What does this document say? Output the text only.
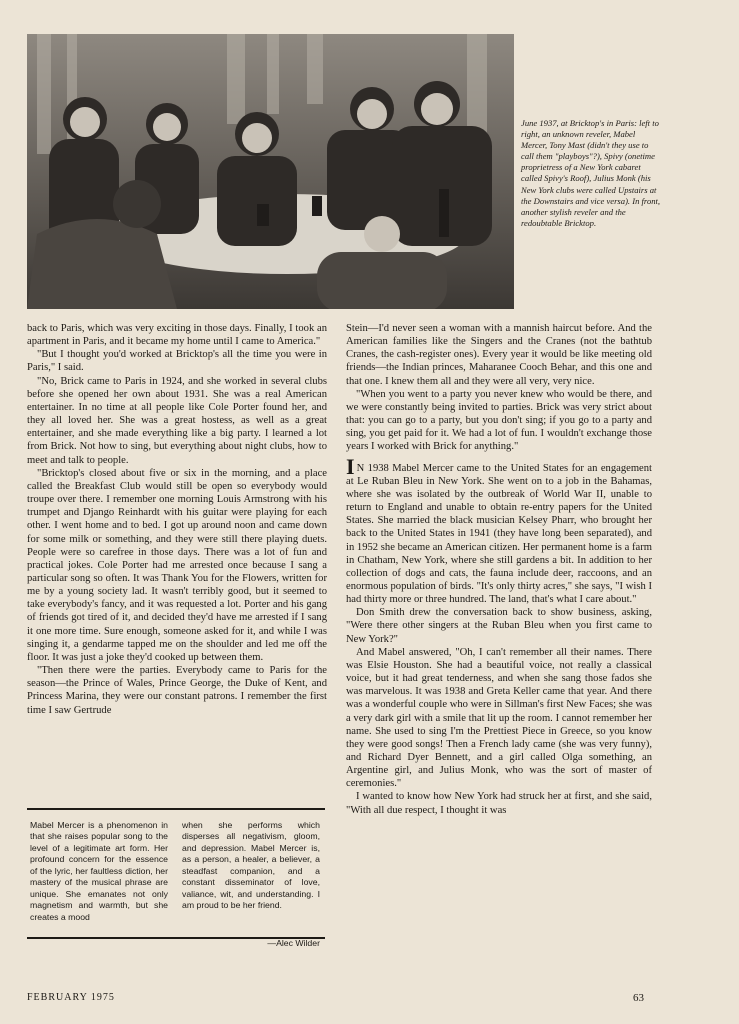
June 1937, at Bricktop's in Paris: left to right, an unknown reveler, Mabel Mercer, Tony Mast (didn't they use to call them "playboys"?), Spivy (onetime proprietress of a New York cabaret called Spivy's Roof), Julius Monk (his New York clubs were called Upstairs at the Downstairs and vice versa). In front, another stylish reveler and the redoubtable Bricktop.

back to Paris, which was very exciting in those days. Finally, I took an apartment in Paris, and it became my home until I came to America."

"But I thought you'd worked at Bricktop's all the time you were in Paris," I said.

"No, Brick came to Paris in 1924, and she worked in several clubs before she opened her own about 1931. She was a real American entertainer. In no time at all people like Cole Porter found her, and they all loved her. She was a great hostess, as well as a great entertainer, and she made everything like a big party. I learned a lot from Brick. Not how to sing, but everything about night clubs, how to meet and talk to people.

"Bricktop's closed about five or six in the morning, and a place called the Breakfast Club would still be open so everybody would troupe over there. I remember one morning Louis Armstrong with his trumpet and Django Reinhardt with his guitar were playing for each other. I went home and to bed. I got up around noon and came down for some milk or something, and they were still there playing duets. People were so carefree in those days. There was a lot of fun and practical jokes. Cole Porter had me arrested once because I sang a particular song so often. It was Thank You for the Flowers, written for me by a young society lad. It wasn't terribly good, but it seemed to take everybody's fancy, and it was requested a lot. Porter and his gang of friends got tired of it, and decided they'd have me arrested if I sang it one more time. Sure enough, someone asked for it, and while I was singing it, a gendarme tapped me on the shoulder and led me off the floor. It was just a joke they'd cooked up between them.

"Then there were the parties. Everybody came to Paris for the season—the Prince of Wales, Prince George, the Duke of Kent, and Princess Marina, they were our constant patrons. I remember the first time I saw Gertrude

Mabel Mercer is a phenomenon in that she raises popular song to the level of a legitimate art form. Her profound concern for the essence of the lyric, her faultless diction, her mastery of the musical phrase are unique. She emanates not only magnetism and warmth, but she creates a mood

when she performs which disperses all negativism, gloom, and depression. Mabel Mercer is, as a person, a healer, a believer, a steadfast companion, and a constant disseminator of love, valiance, wit, and understanding. I am proud to be her friend.

—Alec Wilder

Stein—I'd never seen a woman with a mannish haircut before. And the American families like the Singers and the Cranes (not the bathtub Cranes, the cash-register ones). Every year it would be like meeting old friends—the Indian princes, Maharanee Cooch Behar, and this one and that one. I knew them all and they were all very, very nice.

"When you went to a party you never knew who would be there, and we were constantly being invited to parties. Brick was very strict about that: you can go to a party, but you don't sing; if you go to a party and sing, you get paid for it. We had a lot of fun. I wouldn't exchange those years I worked with Brick for anything."

I N 1938 Mabel Mercer came to the United States for an engagement at Le Ruban Bleu in New York. She went on to a job in the Bahamas, where she was isolated by the outbreak of World War II, unable to return to England and unable to obtain re-entry papers for the United States. She married the black musician Kelsey Pharr, who brought her back to the United States in 1941 (they have long been separated), and in 1952 she became an American citizen. Her permanent home is a farm in Chatham, New York, where she still gardens a bit. In addition to her collection of dogs and cats, the fauna include deer, raccoons, and an enormous population of birds. "It's only thirty acres," she says, "I wish I had thirty more or three hundred. The land, that's what I care about."

Don Smith drew the conversation back to show business, asking, "Were there other singers at the Ruban Bleu when you first came to New York?"

And Mabel answered, "Oh, I can't remember all their names. There was Elsie Houston. She had a beautiful voice, not really a classical voice, but it had great tenderness, and when she sang those fados she was marvelous. It was 1938 and Greta Keller came that year. And there was a wonderful couple who were in Sillman's first New Faces; she was a very dark girl with a smile that lit up the room. I cannot remember her name. She used to sing I'm the Prettiest Piece in Greece, so you know they were good songs! Then a French lady came (she was very funny), and Richard Dyer Bennett, and a girl called Olga something, an Argentine girl, and Julius Monk, who was the sort of master of ceremonies."

I wanted to know how New York had struck her at first, and she said, "With all due respect, I thought it was

FEBRUARY 1975	63
